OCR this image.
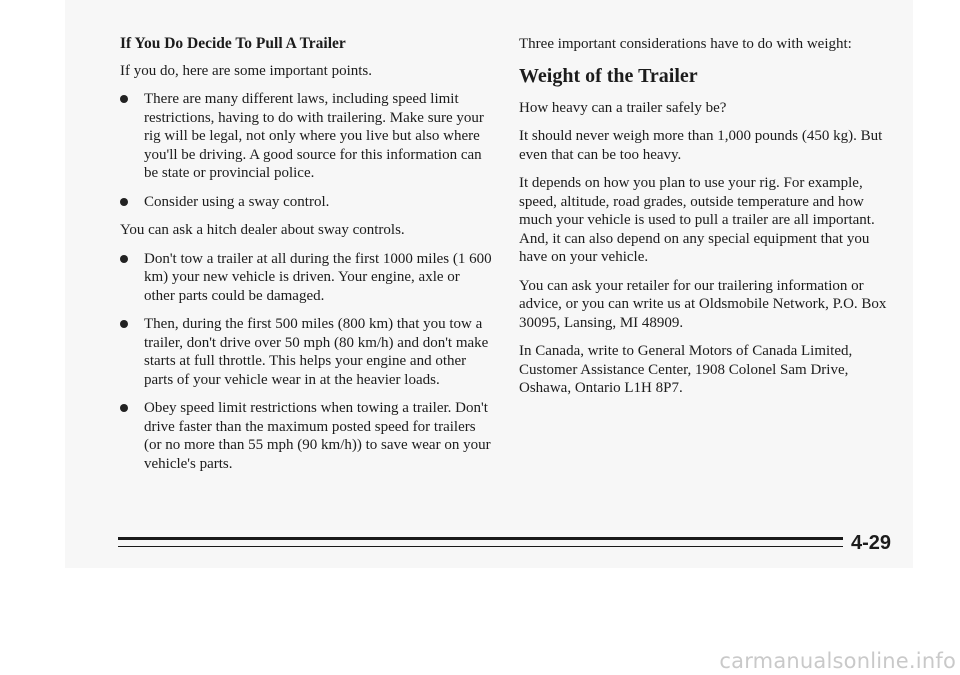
If You Do Decide To Pull A Trailer

If you do, here are some important points.

There are many different laws, including speed limit restrictions, having to do with trailering. Make sure your rig will be legal, not only where you live but also where you'll be driving. A good source for this information can be state or provincial police.
Consider using a sway control.

You can ask a hitch dealer about sway controls.

Don't tow a trailer at all during the first 1000 miles (1 600 km) your new vehicle is driven. Your engine, axle or other parts could be damaged.
Then, during the first 500 miles (800 km) that you tow a trailer, don't drive over 50 mph (80 km/h) and don't make starts at full throttle. This helps your engine and other parts of your vehicle wear in at the heavier loads.
Obey speed limit restrictions when towing a trailer. Don't drive faster than the maximum posted speed for trailers (or no more than 55 mph (90 km/h)) to save wear on your vehicle's parts.

Three important considerations have to do with weight:

Weight of the Trailer

How heavy can a trailer safely be?

It should never weigh more than 1,000 pounds (450 kg). But even that can be too heavy.

It depends on how you plan to use your rig. For example, speed, altitude, road grades, outside temperature and how much your vehicle is used to pull a trailer are all important. And, it can also depend on any special equipment that you have on your vehicle.

You can ask your retailer for our trailering information or advice, or you can write us at Oldsmobile Network, P.O. Box 30095, Lansing, MI 48909.

In Canada, write to General Motors of Canada Limited, Customer Assistance Center, 1908 Colonel Sam Drive, Oshawa, Ontario L1H 8P7.

4-29
carmanualsonline.info
